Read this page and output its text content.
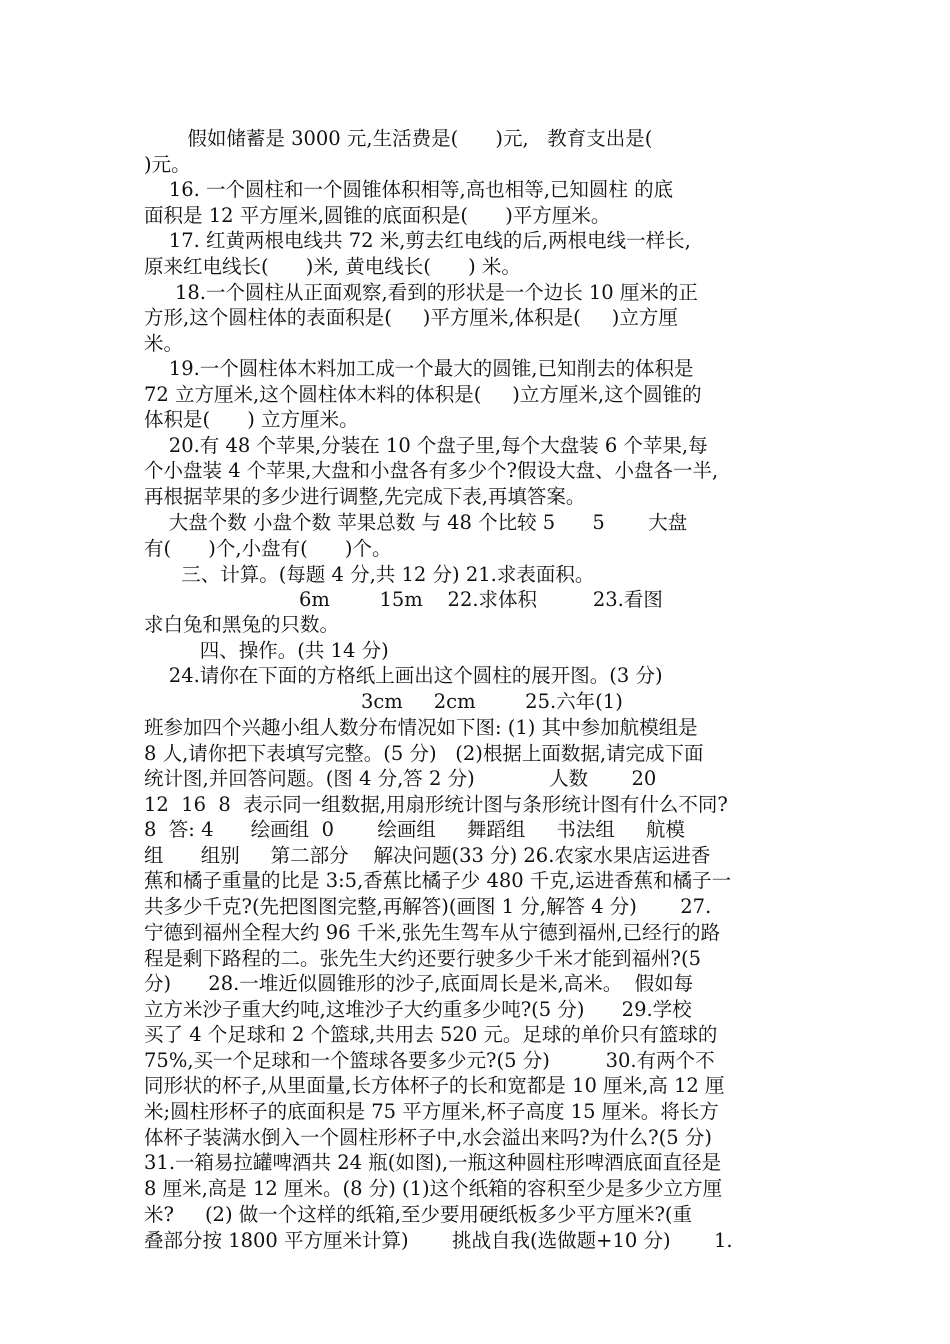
假如储蓄是 3000 元,生活费是(      )元,   教育支出是(
)元。
16. 一个圆柱和一个圆锥体积相等,高也相等,已知圆柱 的底
面积是 12 平方厘米,圆锥的底面积是(      )平方厘米。
17. 红黄两根电线共 72 米,剪去红电线的后,两根电线一样长,
原来红电线长(      )米, 黄电线长(      ) 米。
18.一个圆柱从正面观察,看到的形状是一个边长 10 厘米的正
方形,这个圆柱体的表面积是(     )平方厘米,体积是(     )立方厘
米。
19.一个圆柱体木料加工成一个最大的圆锥,已知削去的体积是
72 立方厘米,这个圆柱体木料的体积是(     )立方厘米,这个圆锥的
体积是(      ) 立方厘米。
20.有 48 个苹果,分装在 10 个盘子里,每个大盘装 6 个苹果,每
个小盘装 4 个苹果,大盘和小盘各有多少个?假设大盘、小盘各一半,
再根据苹果的多少进行调整,先完成下表,再填答案。
大盘个数 小盘个数 苹果总数 与 48 个比较 5      5       大盘
有(      )个,小盘有(      )个。
三、计算。(每题 4 分,共 12 分) 21.求表面积。
6m        15m    22.求体积         23.看图
求白兔和黑兔的只数。
四、操作。(共 14 分)
24.请你在下面的方格纸上画出这个圆柱的展开图。(3 分)
3cm     2cm        25.六年(1)
班参加四个兴趣小组人数分布情况如下图: (1) 其中参加航模组是
8 人,请你把下表填写完整。(5 分)   (2)根据上面数据,请完成下面
统计图,并回答问题。(图 4 分,答 2 分)            人数       20
12  16  8  表示同一组数据,用扇形统计图与条形统计图有什么不同?
8  答: 4      绘画组  0       绘画组     舞蹈组     书法组     航模
组      组别     第二部分    解决问题(33 分) 26.农家水果店运进香
蕉和橘子重量的比是 3:5,香蕉比橘子少 480 千克,运进香蕉和橘子一
共多少千克?(先把图图完整,再解答)(画图 1 分,解答 4 分)       27.
宁德到福州全程大约 96 千米,张先生驾车从宁德到福州,已经行的路
程是剩下路程的二。张先生大约还要行驶多少千米才能到福州?(5
分)      28.一堆近似圆锥形的沙子,底面周长是米,高米。  假如每
立方米沙子重大约吨,这堆沙子大约重多少吨?(5 分)      29.学校
买了 4 个足球和 2 个篮球,共用去 520 元。足球的单价只有篮球的
75%,买一个足球和一个篮球各要多少元?(5 分)         30.有两个不
同形状的杯子,从里面量,长方体杯子的长和宽都是 10 厘米,高 12 厘
米;圆柱形杯子的底面积是 75 平方厘米,杯子高度 15 厘米。将长方
体杯子装满水倒入一个圆柱形杯子中,水会溢出来吗?为什么?(5 分)
31.一箱易拉罐啤酒共 24 瓶(如图),一瓶这种圆柱形啤酒底面直径是
8 厘米,高是 12 厘米。(8 分) (1)这个纸箱的容积至少是多少立方厘
米?     (2) 做一个这样的纸箱,至少要用硬纸板多少平方厘米?(重
叠部分按 1800 平方厘米计算)       挑战自我(选做题+10 分)       1.
